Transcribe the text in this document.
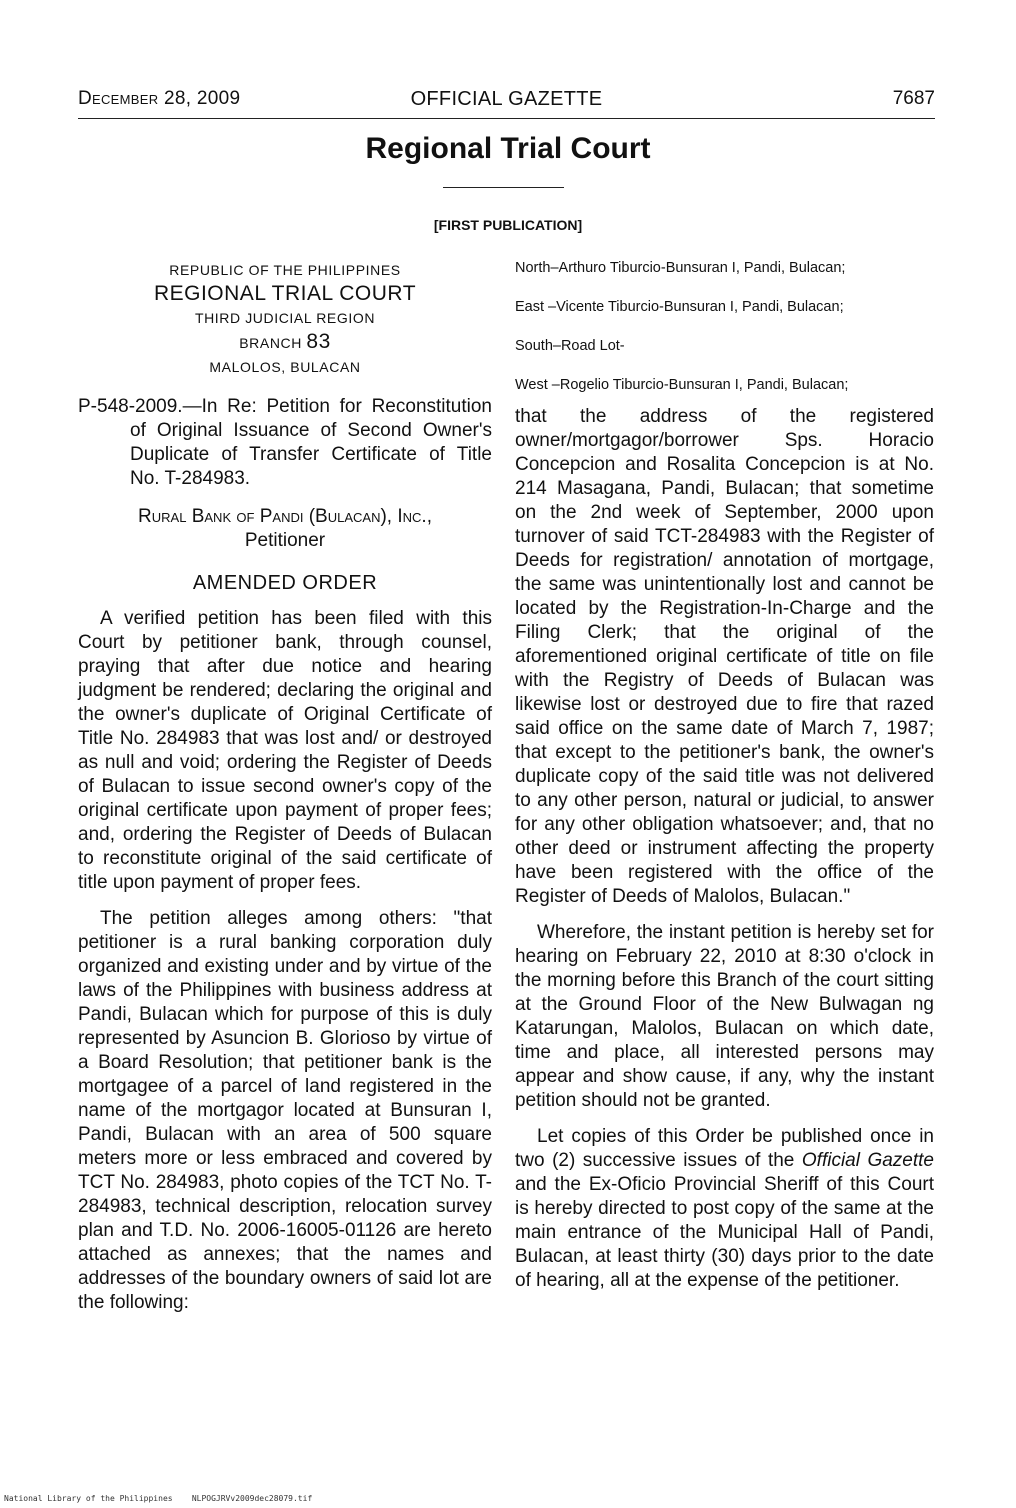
December 28, 2009	OFFICIAL GAZETTE	7687
Regional Trial Court
[FIRST PUBLICATION]
REPUBLIC OF THE PHILIPPINES
REGIONAL TRIAL COURT
THIRD JUDICIAL REGION
BRANCH 83
MALOLOS, BULACAN
P-548-2009.—In Re: Petition for Reconstitution of Original Issuance of Second Owner's Duplicate of Transfer Certificate of Title No. T-284983.
Rural Bank of Pandi (Bulacan), Inc.,
Petitioner
AMENDED ORDER

A verified petition has been filed with this Court by petitioner bank, through counsel, praying that after due notice and hearing judgment be rendered; declaring the original and the owner's duplicate of Original Certificate of Title No. 284983 that was lost and/ or destroyed as null and void; ordering the Register of Deeds of Bulacan to issue second owner's copy of the original certificate upon payment of proper fees; and, ordering the Register of Deeds of Bulacan to reconstitute original of the said certificate of title upon payment of proper fees.

The petition alleges among others: "that petitioner is a rural banking corporation duly organized and existing under and by virtue of the laws of the Philippines with business address at Pandi, Bulacan which for purpose of this is duly represented by Asuncion B. Glorioso by virtue of a Board Resolution; that petitioner bank is the mortgagee of a parcel of land registered in the name of the mortgagor located at Bunsuran I, Pandi, Bulacan with an area of 500 square meters more or less embraced and covered by TCT No. 284983, photo copies of the TCT No. T-284983, technical description, relocation survey plan and T.D. No. 2006-16005-01126 are hereto attached as annexes; that the names and addresses of the boundary owners of said lot are the following:

North–Arthuro Tiburcio-Bunsuran I, Pandi, Bulacan;

East –Vicente Tiburcio-Bunsuran I, Pandi, Bulacan;

South–Road Lot-

West –Rogelio Tiburcio-Bunsuran I, Pandi, Bulacan;

that the address of the registered owner/mortgagor/borrower Sps. Horacio Concepcion and Rosalita Concepcion is at No. 214 Masagana, Pandi, Bulacan; that sometime on the 2nd week of September, 2000 upon turnover of said TCT-284983 with the Register of Deeds for registration/ annotation of mortgage, the same was unintentionally lost and cannot be located by the Registration-In-Charge and the Filing Clerk; that the original of the aforementioned original certificate of title on file with the Registry of Deeds of Bulacan was likewise lost or destroyed due to fire that razed said office on the same date of March 7, 1987; that except to the petitioner's bank, the owner's duplicate copy of the said title was not delivered to any other person, natural or judicial, to answer for any other obligation whatsoever; and, that no other deed or instrument affecting the property have been registered with the office of the Register of Deeds of Malolos, Bulacan."

Wherefore, the instant petition is hereby set for hearing on February 22, 2010 at 8:30 o'clock in the morning before this Branch of the court sitting at the Ground Floor of the New Bulwagan ng Katarungan, Malolos, Bulacan on which date, time and place, all interested persons may appear and show cause, if any, why the instant petition should not be granted.

Let copies of this Order be published once in two (2) successive issues of the Official Gazette and the Ex-Oficio Provincial Sheriff of this Court is hereby directed to post copy of the same at the main entrance of the Municipal Hall of Pandi, Bulacan, at least thirty (30) days prior to the date of hearing, all at the expense of the petitioner.

National Library of the Philippines NLPOGJRVv2009dec28079.tif
